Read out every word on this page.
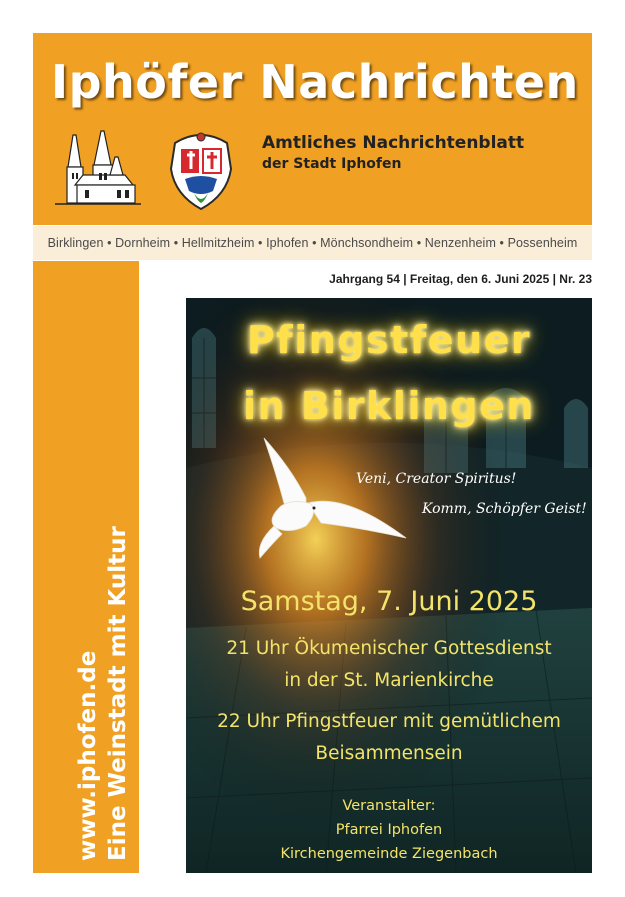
Iphöfer Nachrichten
Amtliches Nachrichtenblatt
der Stadt Iphofen
Birklingen • Dornheim • Hellmitzheim • Iphofen • Mönchsondheim • Nenzenheim • Possenheim
www.iphofen.de Eine Weinstadt mit Kultur
Jahrgang 54 | Freitag, den 6. Juni 2025 | Nr. 23
Pfingstfeuer
in Birklingen
Veni, Creator Spiritus!
Komm, Schöpfer Geist!
Samstag, 7. Juni 2025
21 Uhr Ökumenischer Gottesdienst
in der St. Marienkirche
22 Uhr Pfingstfeuer mit gemütlichem
Beisammensein
Veranstalter:
Pfarrei Iphofen
Kirchengemeinde Ziegenbach
